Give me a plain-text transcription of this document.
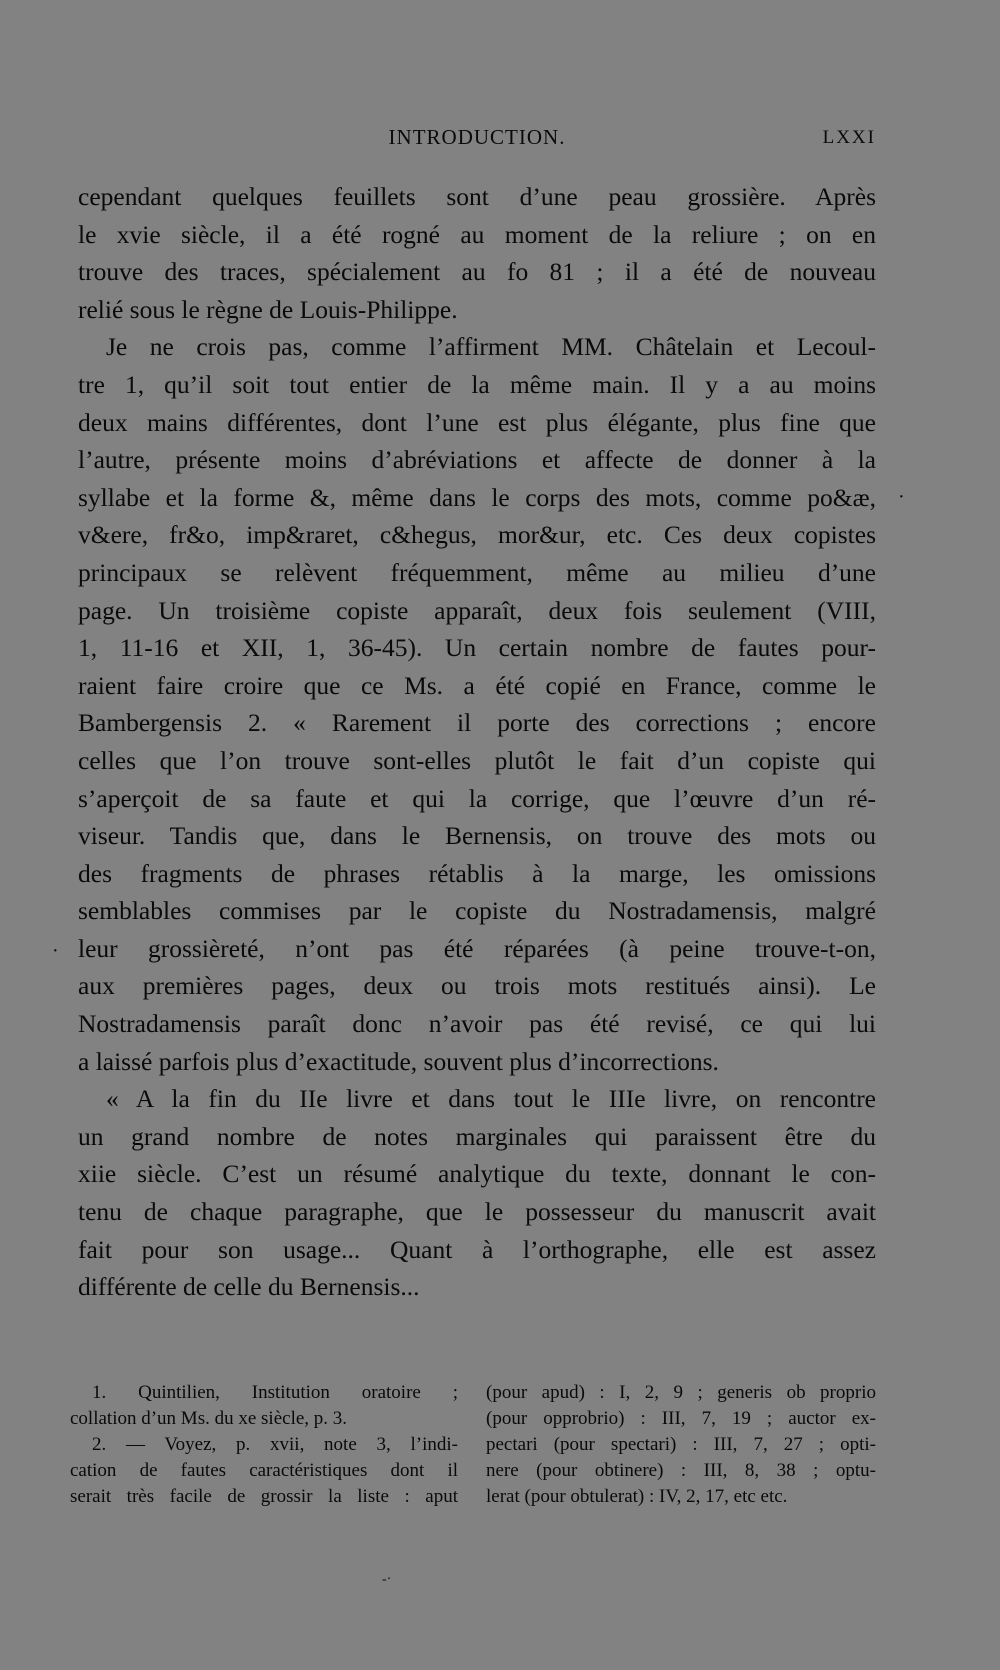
INTRODUCTION.	LXXI
cependant quelques feuillets sont d’une peau grossière. Après
le xvie siècle, il a été rogné au moment de la reliure ; on en
trouve des traces, spécialement au fo 81 ; il a été de nouveau
relié sous le règne de Louis-Philippe.
Je ne crois pas, comme l’affirment MM. Châtelain et Lecoul-
tre 1, qu’il soit tout entier de la même main. Il y a au moins
deux mains différentes, dont l’une est plus élégante, plus fine que
l’autre, présente moins d’abréviations et affecte de donner à la
syllabe et la forme &, même dans le corps des mots, comme po&æ,
v&ere, fr&o, imp&raret, c&hegus, mor&ur, etc. Ces deux copistes
principaux se relèvent fréquemment, même au milieu d’une
page. Un troisième copiste apparaît, deux fois seulement (VIII,
1, 11-16 et XII, 1, 36-45). Un certain nombre de fautes pour-
raient faire croire que ce Ms. a été copié en France, comme le
Bambergensis 2. « Rarement il porte des corrections ; encore
celles que l’on trouve sont-elles plutôt le fait d’un copiste qui
s’aperçoit de sa faute et qui la corrige, que l’œuvre d’un ré-
viseur. Tandis que, dans le Bernensis, on trouve des mots ou
des fragments de phrases rétablis à la marge, les omissions
semblables commises par le copiste du Nostradamensis, malgré
leur grossièreté, n’ont pas été réparées (à peine trouve-t-on,
aux premières pages, deux ou trois mots restitués ainsi). Le
Nostradamensis paraît donc n’avoir pas été revisé, ce qui lui
a laissé parfois plus d’exactitude, souvent plus d’incorrections.
« A la fin du IIe livre et dans tout le IIIe livre, on rencontre
un grand nombre de notes marginales qui paraissent être du
xiie siècle. C’est un résumé analytique du texte, donnant le con-
tenu de chaque paragraphe, que le possesseur du manuscrit avait
fait pour son usage... Quant à l’orthographe, elle est assez
différente de celle du Bernensis...
1. Quintilien, Institution oratoire ;
collation d’un Ms. du xe siècle, p. 3.
2. — Voyez, p. xvii, note 3, l’indi-
cation de fautes caractéristiques dont il
serait très facile de grossir la liste : aput
(pour apud) : I, 2, 9 ; generis ob proprio
(pour opprobrio) : III, 7, 19 ; auctor ex-
pectari (pour spectari) : III, 7, 27 ; opti-
nere (pour obtinere) : III, 8, 38 ; optu-
lerat (pour obtulerat) : IV, 2, 17, etc etc.
·
·
-·
